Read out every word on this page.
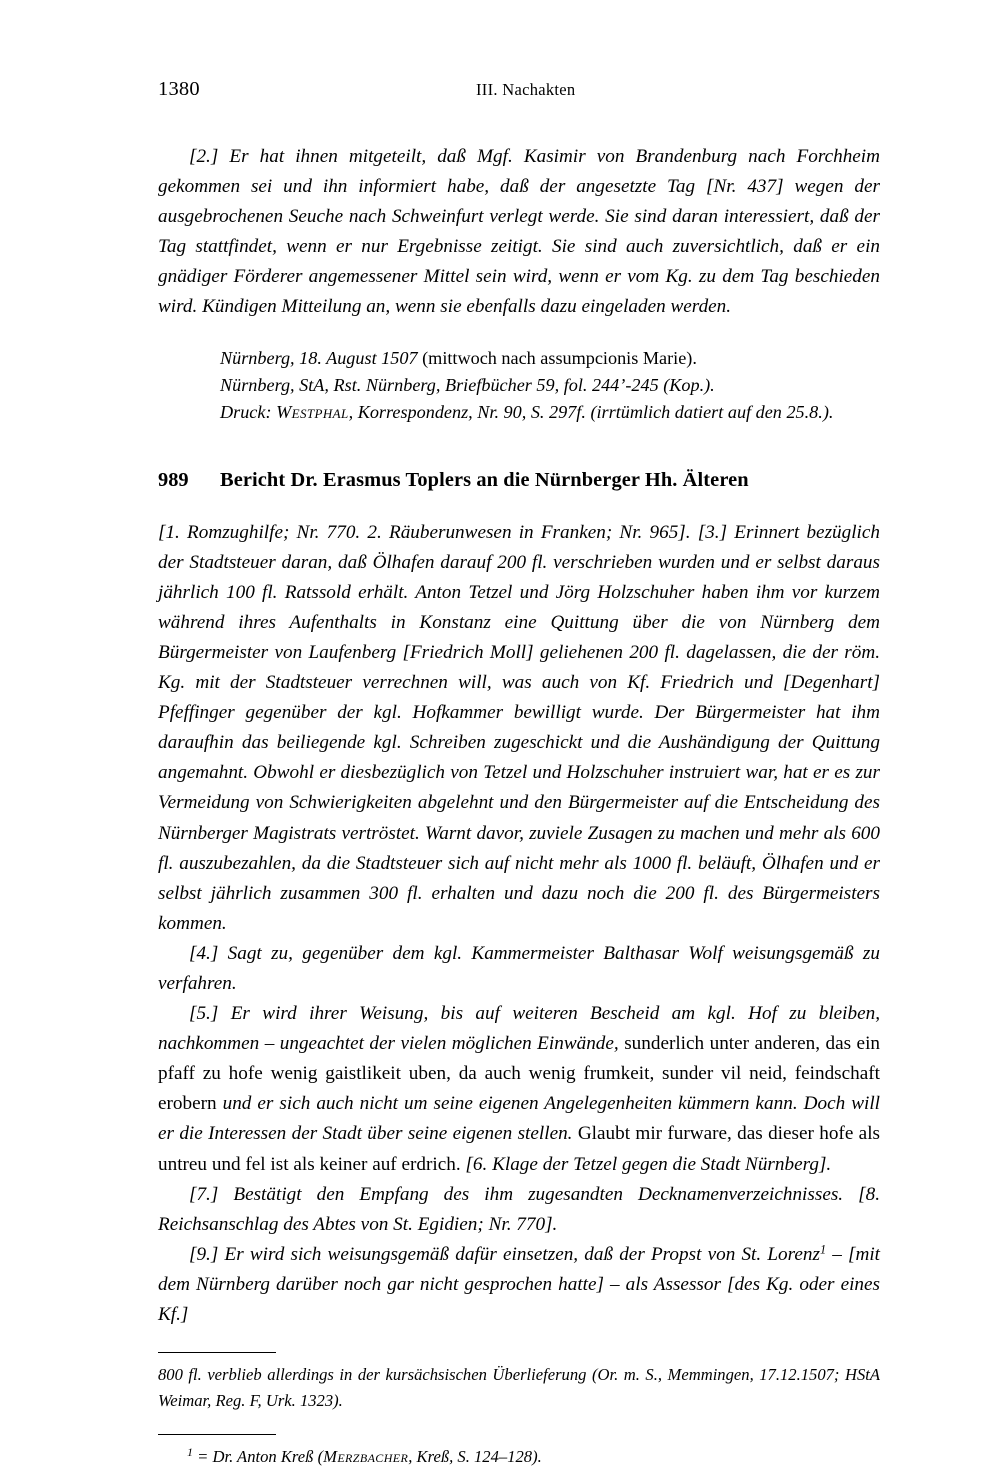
1380	III. Nachakten

[2.] Er hat ihnen mitgeteilt, daß Mgf. Kasimir von Brandenburg nach Forchheim gekommen sei und ihn informiert habe, daß der angesetzte Tag [Nr. 437] wegen der ausgebrochenen Seuche nach Schweinfurt verlegt werde. Sie sind daran interessiert, daß der Tag stattfindet, wenn er nur Ergebnisse zeitigt. Sie sind auch zuversichtlich, daß er ein gnädiger Förderer angemessener Mittel sein wird, wenn er vom Kg. zu dem Tag beschieden wird. Kündigen Mitteilung an, wenn sie ebenfalls dazu eingeladen werden.

Nürnberg, 18. August 1507 (mittwoch nach assumpcionis Marie).
Nürnberg, StA, Rst. Nürnberg, Briefbücher 59, fol. 244’-245 (Kop.).
Druck: Westphal, Korrespondenz, Nr. 90, S. 297f. (irrtümlich datiert auf den 25.8.).
989	Bericht Dr. Erasmus Toplers an die Nürnberger Hh. Älteren

[1. Romzughilfe; Nr. 770. 2. Räuberunwesen in Franken; Nr. 965]. [3.] Erinnert bezüglich der Stadtsteuer daran, daß Ölhafen darauf 200 fl. verschrieben wurden und er selbst daraus jährlich 100 fl. Ratssold erhält. Anton Tetzel und Jörg Holzschuher haben ihm vor kurzem während ihres Aufenthalts in Konstanz eine Quittung über die von Nürnberg dem Bürgermeister von Laufenberg [Friedrich Moll] geliehenen 200 fl. dagelassen, die der röm. Kg. mit der Stadtsteuer verrechnen will, was auch von Kf. Friedrich und [Degenhart] Pfeffinger gegenüber der kgl. Hofkammer bewilligt wurde. Der Bürgermeister hat ihm daraufhin das beiliegende kgl. Schreiben zugeschickt und die Aushändigung der Quittung angemahnt. Obwohl er diesbezüglich von Tetzel und Holzschuher instruiert war, hat er es zur Vermeidung von Schwierigkeiten abgelehnt und den Bürgermeister auf die Entscheidung des Nürnberger Magistrats vertröstet. Warnt davor, zuviele Zusagen zu machen und mehr als 600 fl. auszubezahlen, da die Stadtsteuer sich auf nicht mehr als 1000 fl. beläuft, Ölhafen und er selbst jährlich zusammen 300 fl. erhalten und dazu noch die 200 fl. des Bürgermeisters kommen.

[4.] Sagt zu, gegenüber dem kgl. Kammermeister Balthasar Wolf weisungsgemäß zu verfahren.

[5.] Er wird ihrer Weisung, bis auf weiteren Bescheid am kgl. Hof zu bleiben, nachkommen – ungeachtet der vielen möglichen Einwände, sunderlich unter anderen, das ein pfaff zu hofe wenig gaistlikeit uben, da auch wenig frumkeit, sunder vil neid, feindschaft erobern und er sich auch nicht um seine eigenen Angelegenheiten kümmern kann. Doch will er die Interessen der Stadt über seine eigenen stellen. Glaubt mir furware, das dieser hofe als untreu und fel ist als keiner auf erdrich. [6. Klage der Tetzel gegen die Stadt Nürnberg].

[7.] Bestätigt den Empfang des ihm zugesandten Decknamenverzeichnisses. [8. Reichsanschlag des Abtes von St. Egidien; Nr. 770].

[9.] Er wird sich weisungsgemäß dafür einsetzen, daß der Propst von St. Lorenz$^1$ – [mit dem Nürnberg darüber noch gar nicht gesprochen hatte] – als Assessor [des Kg. oder eines Kf.]

800 fl. verblieb allerdings in der kursächsischen Überlieferung (Or. m. S., Memmingen, 17.12.1507; HStA Weimar, Reg. F, Urk. 1323).

$^1$ = Dr. Anton Kreß (Merzbacher, Kreß, S. 124–128).
